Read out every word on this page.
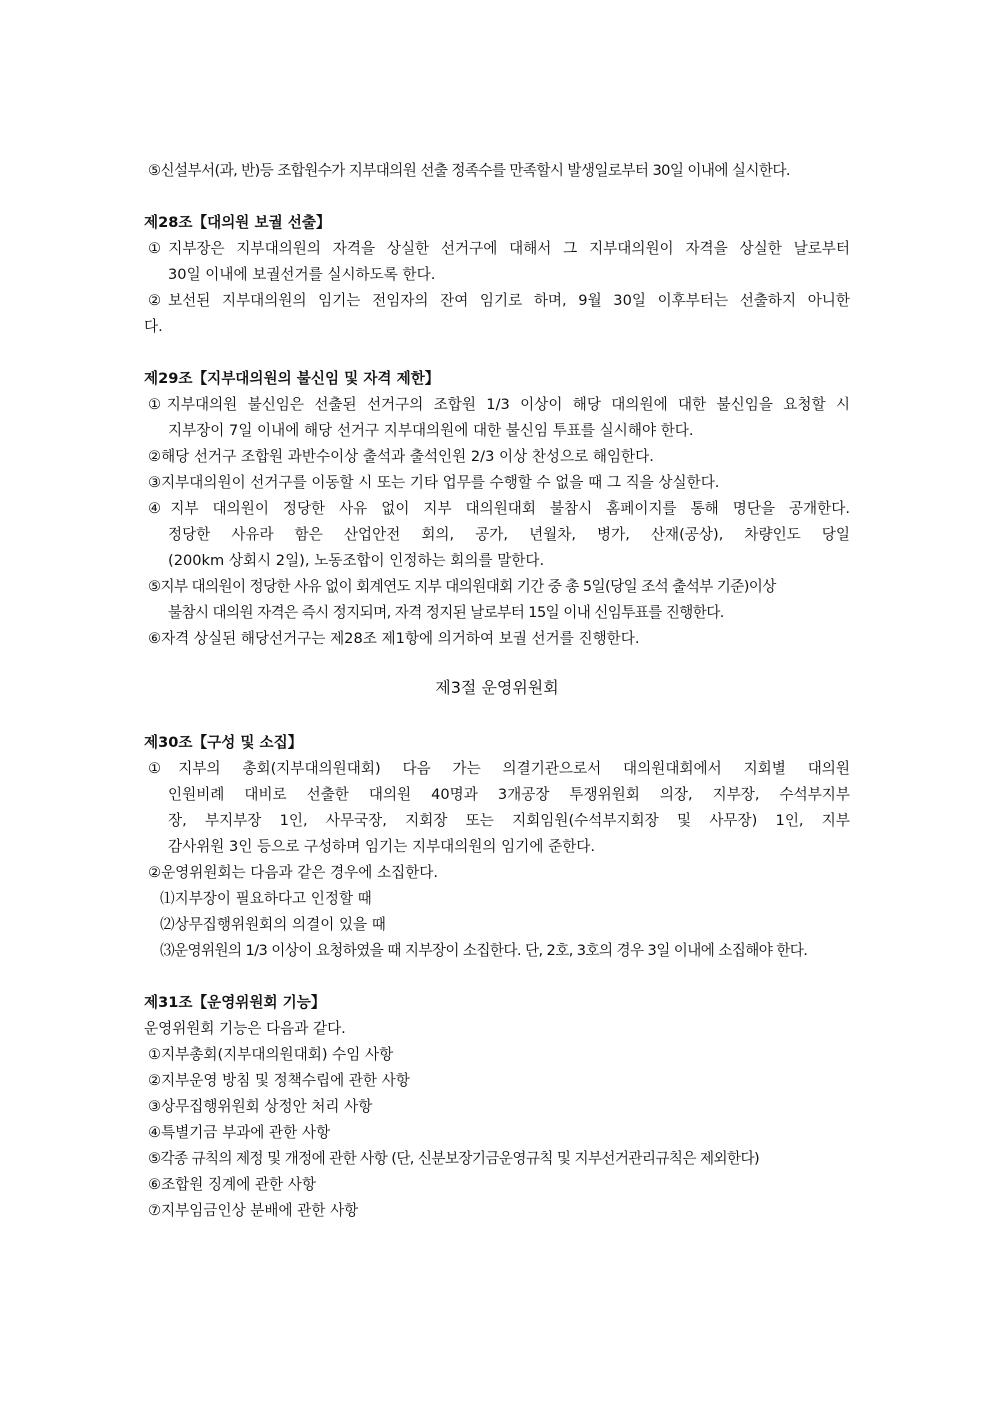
⑤신설부서(과, 반)등 조합원수가 지부대의원 선출 정족수를 만족할시 발생일로부터 30일 이내에 실시한다.
제28조【대의원 보궐 선출】
①지부장은 지부대의원의 자격을 상실한 선거구에 대해서 그 지부대의원이 자격을 상실한 날로부터
30일 이내에 보궐선거를 실시하도록 한다.
②보선된 지부대의원의 임기는 전임자의 잔여 임기로 하며, 9월 30일 이후부터는 선출하지 아니한
다.
제29조【지부대의원의 불신임 및 자격 제한】
①지부대의원 불신임은 선출된 선거구의 조합원 1/3 이상이 해당 대의원에 대한 불신임을 요청할 시
지부장이 7일 이내에 해당 선거구 지부대의원에 대한 불신임 투표를 실시해야 한다.
②해당 선거구 조합원 과반수이상 출석과 출석인원 2/3 이상 찬성으로 해임한다.
③지부대의원이 선거구를 이동할 시 또는 기타 업무를 수행할 수 없을 때 그 직을 상실한다.
④지부 대의원이 정당한 사유 없이 지부 대의원대회 불참시 홈페이지를 통해 명단을 공개한다.
정당한 사유라 함은 산업안전 회의, 공가, 년월차, 병가, 산재(공상), 차량인도 당일
(200km 상회시 2일), 노동조합이 인정하는 회의를 말한다.
⑤지부 대의원이 정당한 사유 없이 회계연도 지부 대의원대회 기간 중 총 5일(당일 조석 출석부 기준)이상
불참시 대의원 자격은 즉시 정지되며, 자격 정지된 날로부터 15일 이내 신임투표를 진행한다.
⑥자격 상실된 해당선거구는 제28조 제1항에 의거하여 보궐 선거를 진행한다.
제3절 운영위원회
제30조【구성 및 소집】
①지부의 총회(지부대의원대회) 다음 가는 의결기관으로서 대의원대회에서 지회별 대의원
인원비례 대비로 선출한 대의원 40명과 3개공장 투쟁위원회 의장, 지부장, 수석부지부
장, 부지부장 1인, 사무국장, 지회장 또는 지회임원(수석부지회장 및 사무장) 1인, 지부
감사위원 3인 등으로 구성하며 임기는 지부대의원의 임기에 준한다.
②운영위원회는 다음과 같은 경우에 소집한다.
⑴지부장이 필요하다고 인정할 때
⑵상무집행위원회의 의결이 있을 때
⑶운영위원의 1/3 이상이 요청하였을 때 지부장이 소집한다. 단, 2호, 3호의 경우 3일 이내에 소집해야 한다.
제31조【운영위원회 기능】
운영위원회 기능은 다음과 같다.
①지부총회(지부대의원대회) 수임 사항
②지부운영 방침 및 정책수립에 관한 사항
③상무집행위원회 상정안 처리 사항
④특별기금 부과에 관한 사항
⑤각종 규칙의 제정 및 개정에 관한 사항 (단, 신분보장기금운영규칙 및 지부선거관리규칙은 제외한다)
⑥조합원 징계에 관한 사항
⑦지부임금인상 분배에 관한 사항
